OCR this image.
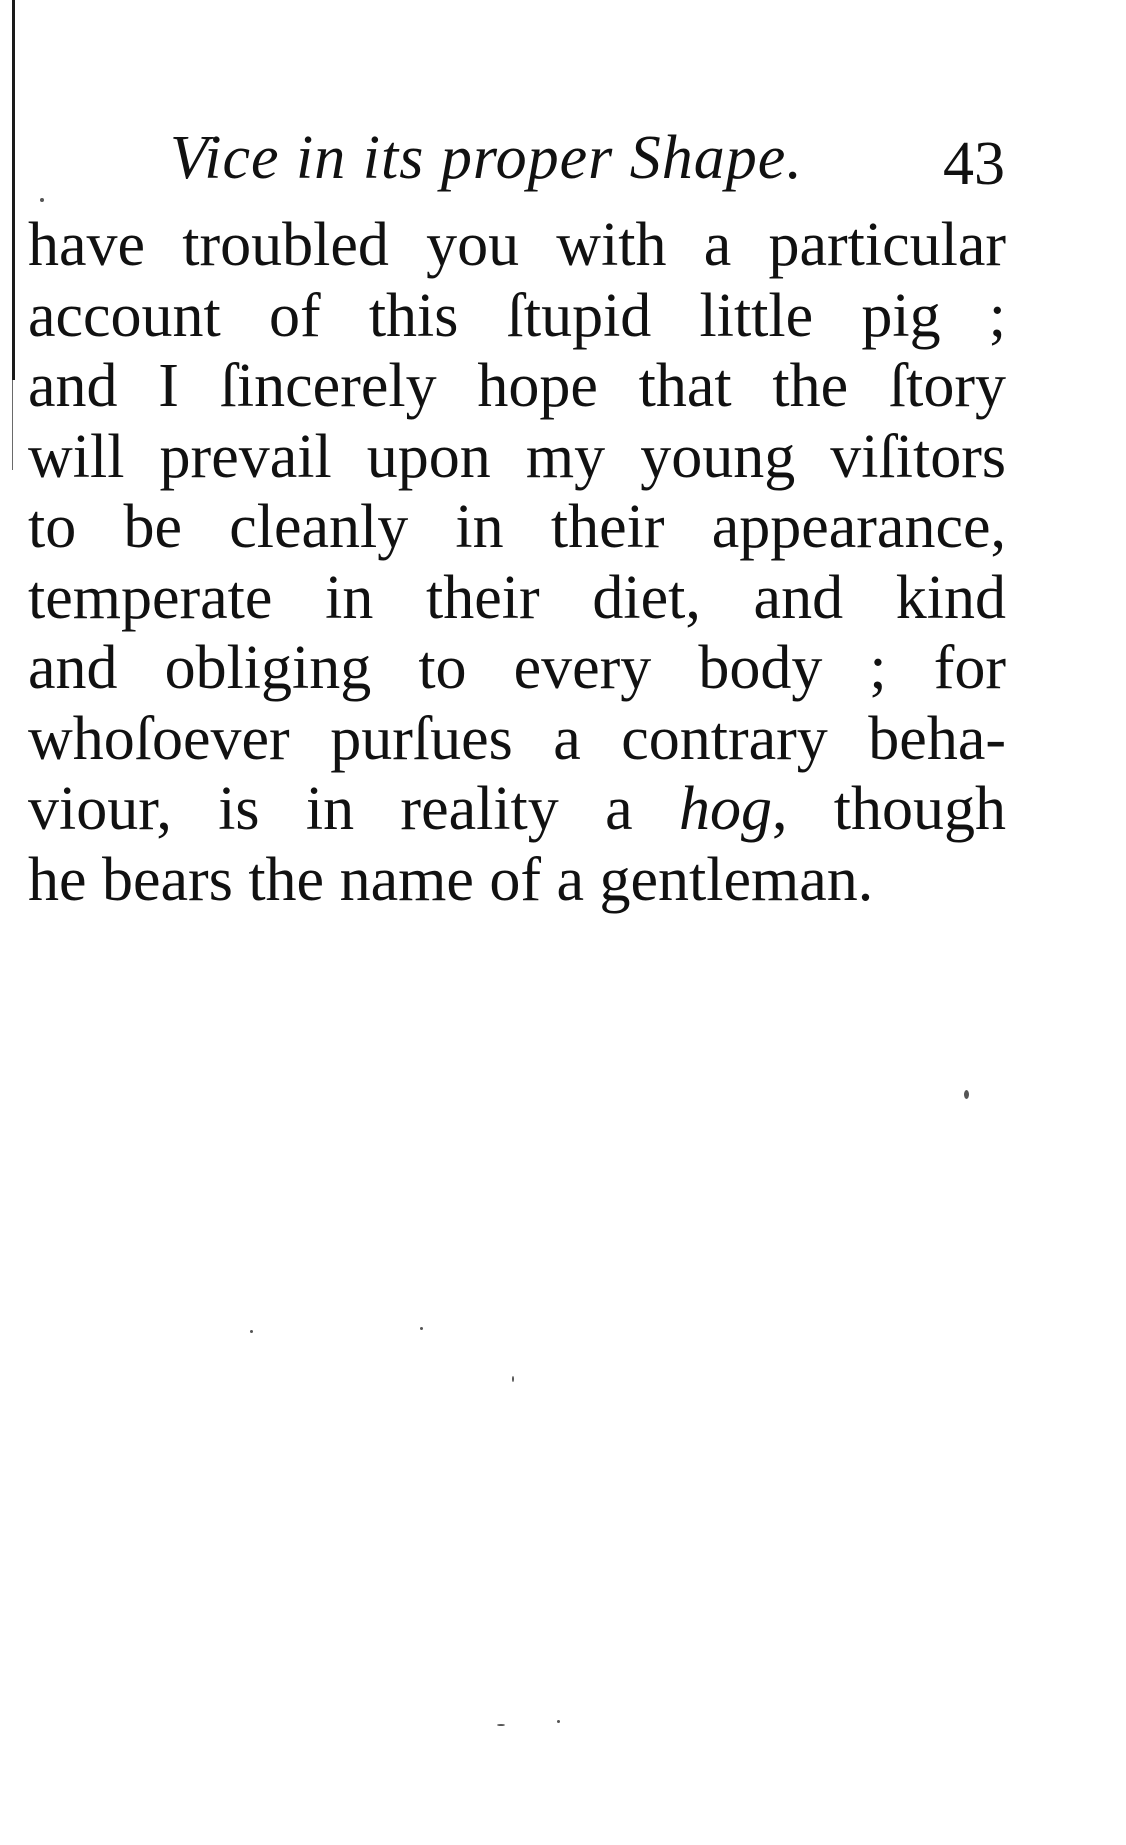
Vice in its proper Shape. 43
have troubled you with a particular
account of this ſtupid little pig ;
and I ſincerely hope that the ſtory
will prevail upon my young viſitors
to be cleanly in their appearance,
temperate in their diet, and kind
and obliging to every body ; for
whoſoever purſues a contrary beha-
viour, is in reality a hog, though
he bears the name of a gentleman.
